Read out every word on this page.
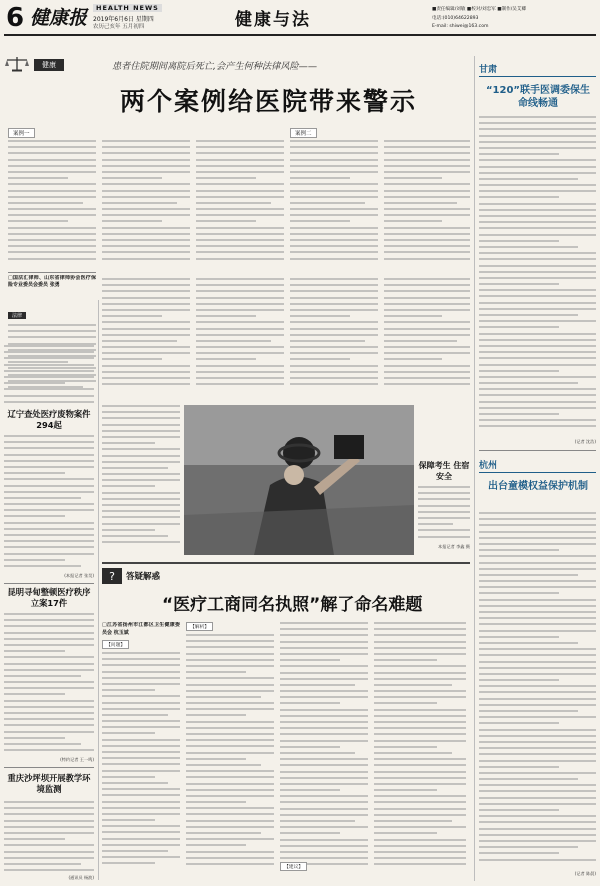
6 健康报	HEALTH NEWS
2019年6月6日 星期四
农历己亥年 五月初四	健康与法
■责任编辑/刘敏 ■校对/刘忠军 ■制作/吴艾卿
电话:(010)64622893
E-mail: shiwei@163.com
健康	患者住院期间离院后死亡,会产生何种法律风险——
两个案例给医院带来警示
案例一	案例二
□国法汇律师、山东省律师协会医疗保险专业委员会委员 张勇
法律
保障考生 住宿安全
本报记者 李鑫 摄
辽宁查处医疗废物案件294起
(本报记者 张昊)
昆明寻甸整顿医疗秩序立案17件
(特约记者 王一鸣)
重庆沙坪坝开展教学环境监测
(通讯员 杨波)
甘肃
“120”联手医调委保生命线畅通
(记者 沈浩)
杭州
出台童模权益保护机制
(记者 陈晨)
? 答疑解惑
“医疗工商同名执照”解了命名难题
□江苏省扬州市江都区卫生健康委员会 杭玉斌
【问题】
【解析】
【建议】
